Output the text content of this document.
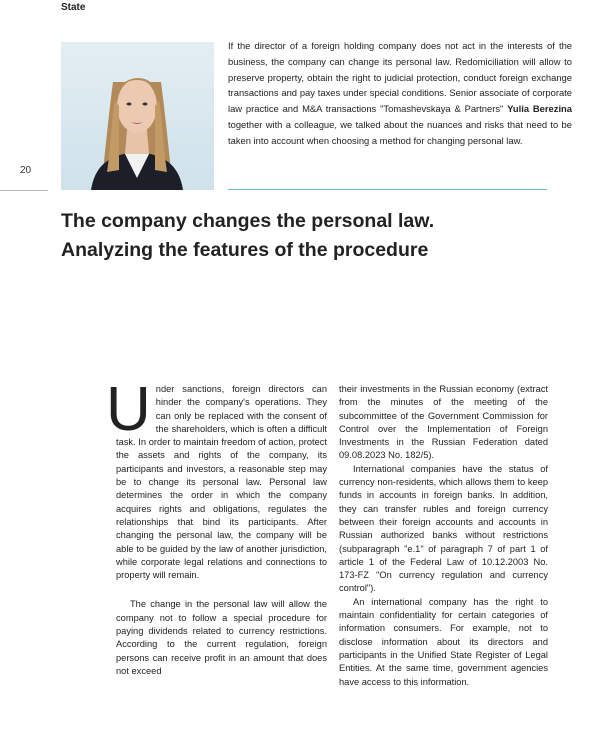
State
20
If the director of a foreign holding company does not act in the interests of the business, the company can change its personal law. Redomiciliation will allow to preserve property, obtain the right to judicial protection, conduct foreign exchange transactions and pay taxes under special conditions. Senior associate of corporate law practice and M&A transactions "Tomashevskaya & Partners" Yulia Berezina together with a colleague, we talked about the nuances and risks that need to be taken into account when choosing a method for changing personal law.
The company changes the personal law.
Analyzing the features of the procedure

Under sanctions, foreign directors can hinder the company's operations. They can only be replaced with the consent of the shareholders, which is often a difficult task. In order to maintain freedom of action, protect the assets and rights of the company, its participants and investors, a reasonable step may be to change its personal law. Personal law determines the order in which the company acquires rights and obligations, regulates the relationships that bind its participants. After changing the personal law, the company will be able to be guided by the law of another jurisdiction, while corporate legal relations and connections to property will remain.

The change in the personal law will allow the company not to follow a special procedure for paying dividends related to currency restrictions. According to the current regulation, foreign persons can receive profit in an amount that does not exceed

their investments in the Russian economy (extract from the minutes of the meeting of the subcommittee of the Government Commission for Control over the Implementation of Foreign Investments in the Russian Federation dated 09.08.2023 No. 182/5).

International companies have the status of currency non-residents, which allows them to keep funds in accounts in foreign banks. In addition, they can transfer rubles and foreign currency between their foreign accounts and accounts in Russian authorized banks without restrictions (subparagraph "e.1" of paragraph 7 of part 1 of article 1 of the Federal Law of 10.12.2003 No. 173-FZ "On currency regulation and currency control").

An international company has the right to maintain confidentiality for certain categories of information consumers. For example, not to disclose information about its directors and participants in the Unified State Register of Legal Entities. At the same time, government agencies have access to this information.
